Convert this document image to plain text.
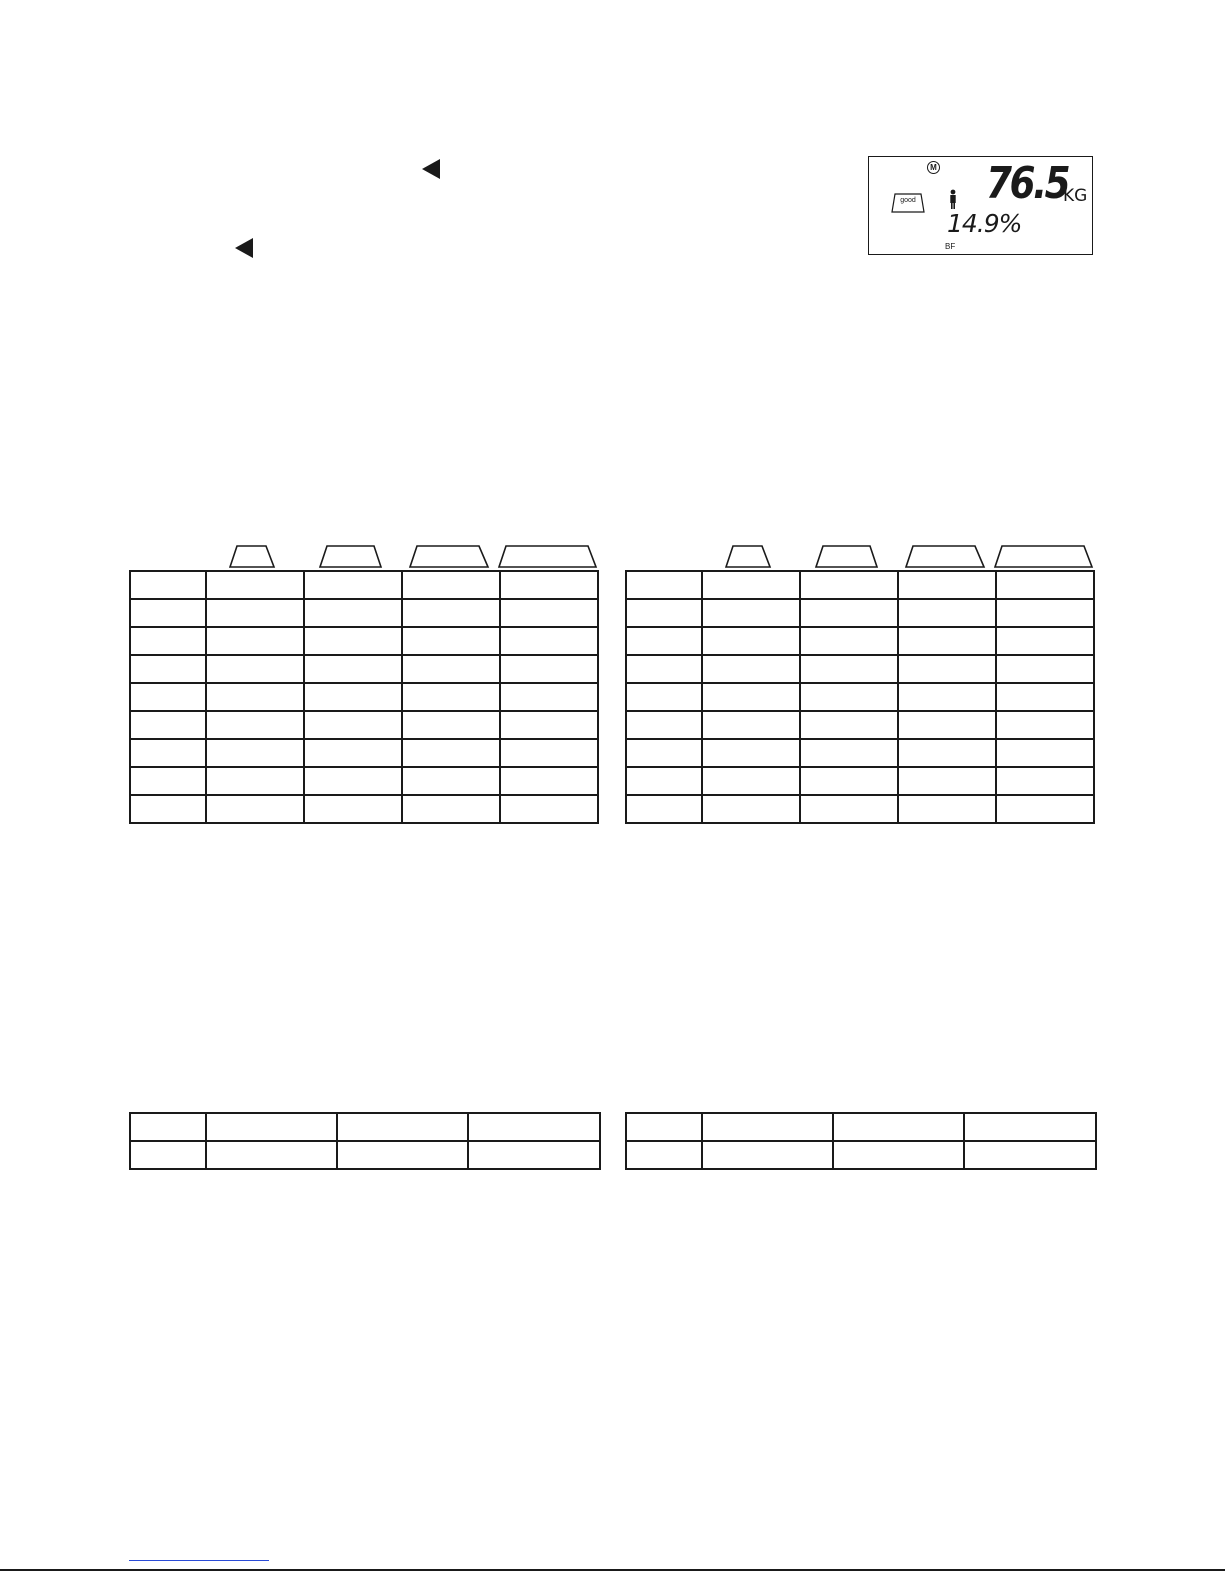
M
good 76.5
KG
14.9%
BF
